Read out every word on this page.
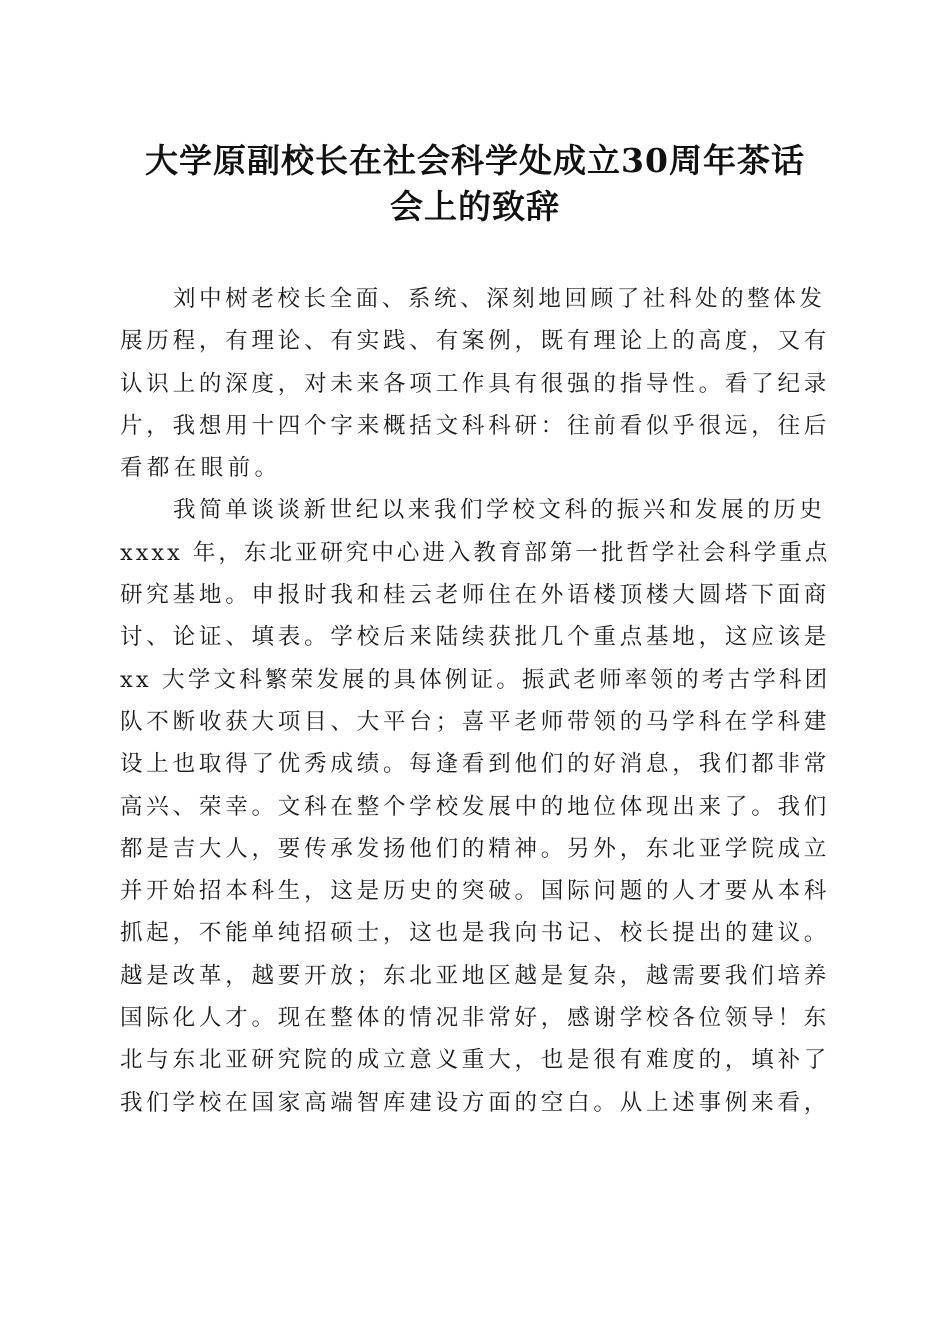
大学原副校长在社会科学处成立30周年茶话
会上的致辞

刘中树老校长全面、系统、深刻地回顾了社科处的整体发
展历程，有理论、有实践、有案例，既有理论上的高度，又有
认识上的深度，对未来各项工作具有很强的指导性。看了纪录
片，我想用十四个字来概括文科科研：往前看似乎很远，往后
看都在眼前。

我简单谈谈新世纪以来我们学校文科的振兴和发展的历史
xxxx 年，东北亚研究中心进入教育部第一批哲学社会科学重点
研究基地。申报时我和桂云老师住在外语楼顶楼大圆塔下面商
讨、论证、填表。学校后来陆续获批几个重点基地，这应该是
xx 大学文科繁荣发展的具体例证。振武老师率领的考古学科团
队不断收获大项目、大平台；喜平老师带领的马学科在学科建
设上也取得了优秀成绩。每逢看到他们的好消息，我们都非常
高兴、荣幸。文科在整个学校发展中的地位体现出来了。我们
都是吉大人，要传承发扬他们的精神。另外，东北亚学院成立
并开始招本科生，这是历史的突破。国际问题的人才要从本科
抓起，不能单纯招硕士，这也是我向书记、校长提出的建议。
越是改革，越要开放；东北亚地区越是复杂，越需要我们培养
国际化人才。现在整体的情况非常好，感谢学校各位领导！东
北与东北亚研究院的成立意义重大，也是很有难度的，填补了
我们学校在国家高端智库建设方面的空白。从上述事例来看，
